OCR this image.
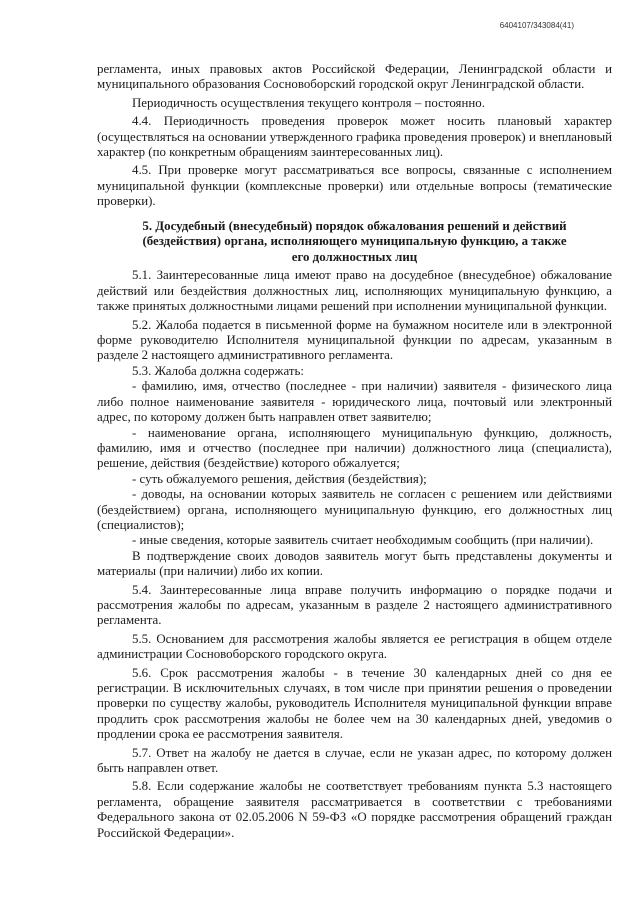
6404107/343084(41)

регламента, иных правовых актов Российской Федерации, Ленинградской области и муниципального образования Сосновоборский городской округ Ленинградской области.

Периодичность осуществления текущего контроля – постоянно.

4.4. Периодичность проведения проверок может носить плановый характер (осуществляться на основании утвержденного графика проведения проверок) и внеплановый характер (по конкретным обращениям заинтересованных лиц).

4.5. При проверке могут рассматриваться все вопросы, связанные с исполнением муниципальной функции (комплексные проверки) или отдельные вопросы (тематические проверки).

5. Досудебный (внесудебный) порядок обжалования решений и действий (бездействия) органа, исполняющего муниципальную функцию, а также его должностных лиц

5.1. Заинтересованные лица имеют право на досудебное (внесудебное) обжалование действий или бездействия должностных лиц, исполняющих муниципальную функцию, а также принятых должностными лицами решений при исполнении муниципальной функции.

5.2. Жалоба подается в письменной форме на бумажном носителе или в электронной форме руководителю Исполнителя муниципальной функции по адресам, указанным в разделе 2 настоящего административного регламента.

5.3. Жалоба должна содержать:

- фамилию, имя, отчество (последнее - при наличии) заявителя - физического лица либо полное наименование заявителя - юридического лица, почтовый или электронный адрес, по которому должен быть направлен ответ заявителю;

- наименование органа, исполняющего муниципальную функцию, должность, фамилию, имя и отчество (последнее при наличии) должностного лица (специалиста), решение, действия (бездействие) которого обжалуется;

- суть обжалуемого решения, действия (бездействия);

- доводы, на основании которых заявитель не согласен с решением или действиями (бездействием) органа, исполняющего муниципальную функцию, его должностных лиц (специалистов);

- иные сведения, которые заявитель считает необходимым сообщить (при наличии).

В подтверждение своих доводов заявитель могут быть представлены документы и материалы (при наличии) либо их копии.

5.4. Заинтересованные лица вправе получить информацию о порядке подачи и рассмотрения жалобы по адресам, указанным в разделе 2 настоящего административного регламента.

5.5. Основанием для рассмотрения жалобы является ее регистрация в общем отделе администрации Сосновоборского городского округа.

5.6. Срок рассмотрения жалобы - в течение 30 календарных дней со дня ее регистрации. В исключительных случаях, в том числе при принятии решения о проведении проверки по существу жалобы, руководитель Исполнителя муниципальной функции вправе продлить срок рассмотрения жалобы не более чем на 30 календарных дней, уведомив о продлении срока ее рассмотрения заявителя.

5.7. Ответ на жалобу не дается в случае, если не указан адрес, по которому должен быть направлен ответ.

5.8. Если содержание жалобы не соответствует требованиям пункта 5.3 настоящего регламента, обращение заявителя рассматривается в соответствии с требованиями Федерального закона от 02.05.2006 N 59-ФЗ «О порядке рассмотрения обращений граждан Российской Федерации».
